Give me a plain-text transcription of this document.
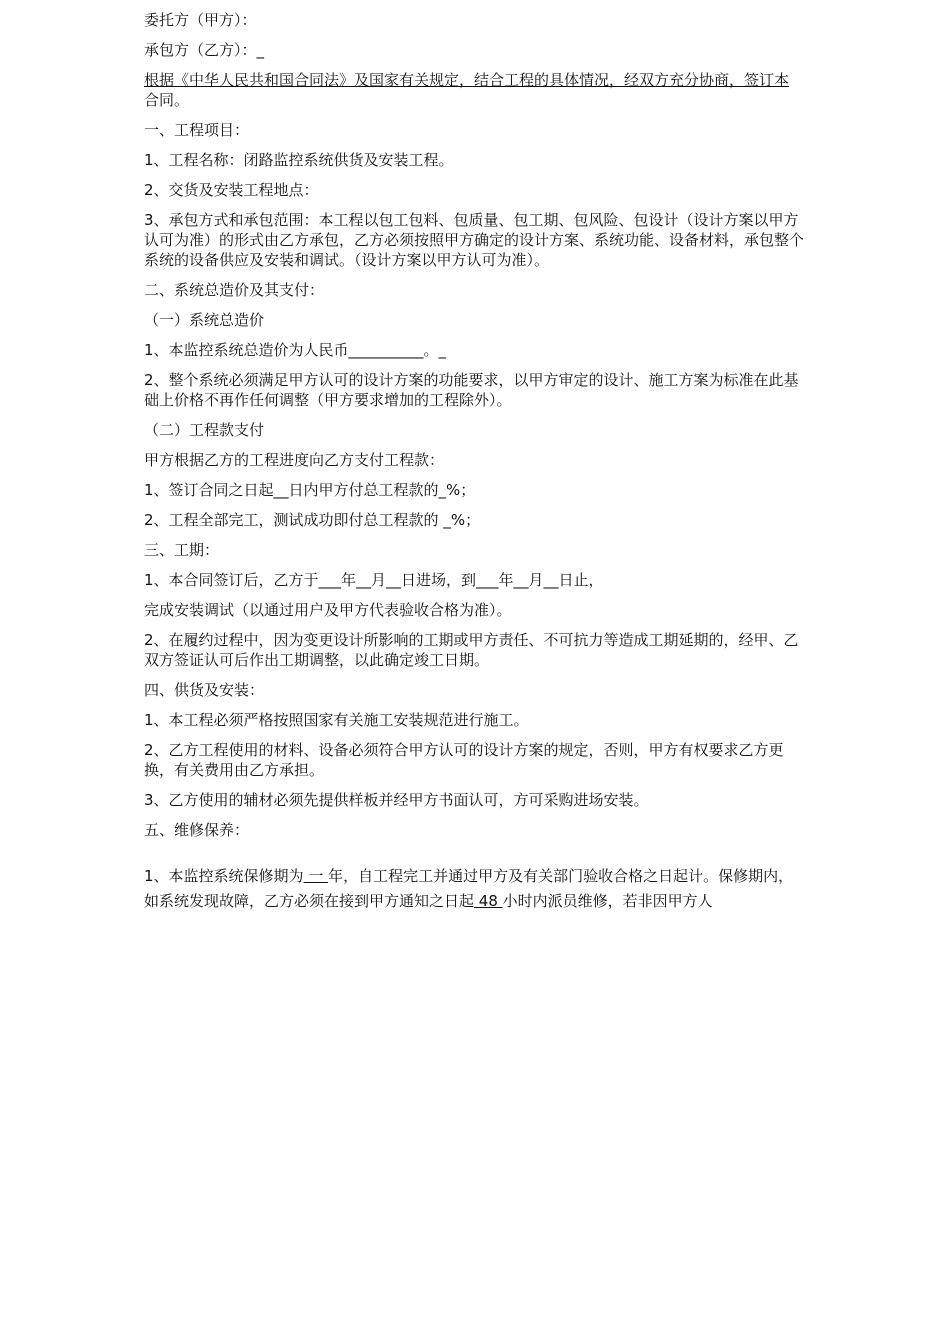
委托方（甲方）：

承包方（乙方）：_

根据《中华人民共和国合同法》及国家有关规定，结合工程的具体情况，经双方充分协商，签订本
合同。

一、工程项目：

1、工程名称：闭路监控系统供货及安装工程。

2、交货及安装工程地点：

3、承包方式和承包范围：本工程以包工包料、包质量、包工期、包风险、包设计（设计方案以甲方认可为准）的形式由乙方承包，乙方必须按照甲方确定的设计方案、系统功能、设备材料，承包整个系统的设备供应及安装和调试。（设计方案以甲方认可为准）。

二、系统总造价及其支付：

（一）系统总造价

1、本监控系统总造价为人民币__________。_

2、整个系统必须满足甲方认可的设计方案的功能要求，以甲方审定的设计、施工方案为标准在此基础上价格不再作任何调整（甲方要求增加的工程除外）。

（二）工程款支付

甲方根据乙方的工程进度向乙方支付工程款：

1、签订合同之日起__日内甲方付总工程款的_%；

2、工程全部完工，测试成功即付总工程款的 _%；

三、工期：

1、本合同签订后，乙方于___年__月__日进场，到___年__月__日止，

完成安装调试（以通过用户及甲方代表验收合格为准）。

2、在履约过程中，因为变更设计所影响的工期或甲方责任、不可抗力等造成工期延期的，经甲、乙双方签证认可后作出工期调整，以此确定竣工日期。

四、供货及安装：

1、本工程必须严格按照国家有关施工安装规范进行施工。

2、乙方工程使用的材料、设备必须符合甲方认可的设计方案的规定，否则，甲方有权要求乙方更换，有关费用由乙方承担。

3、乙方使用的辅材必须先提供样板并经甲方书面认可，方可采购进场安装。

五、维修保养：

1、本监控系统保修期为 一 年，自工程完工并通过甲方及有关部门验收合格之日起计。保修期内，如系统发现故障，乙方必须在接到甲方通知之日起 48 小时内派员维修，若非因甲方人
